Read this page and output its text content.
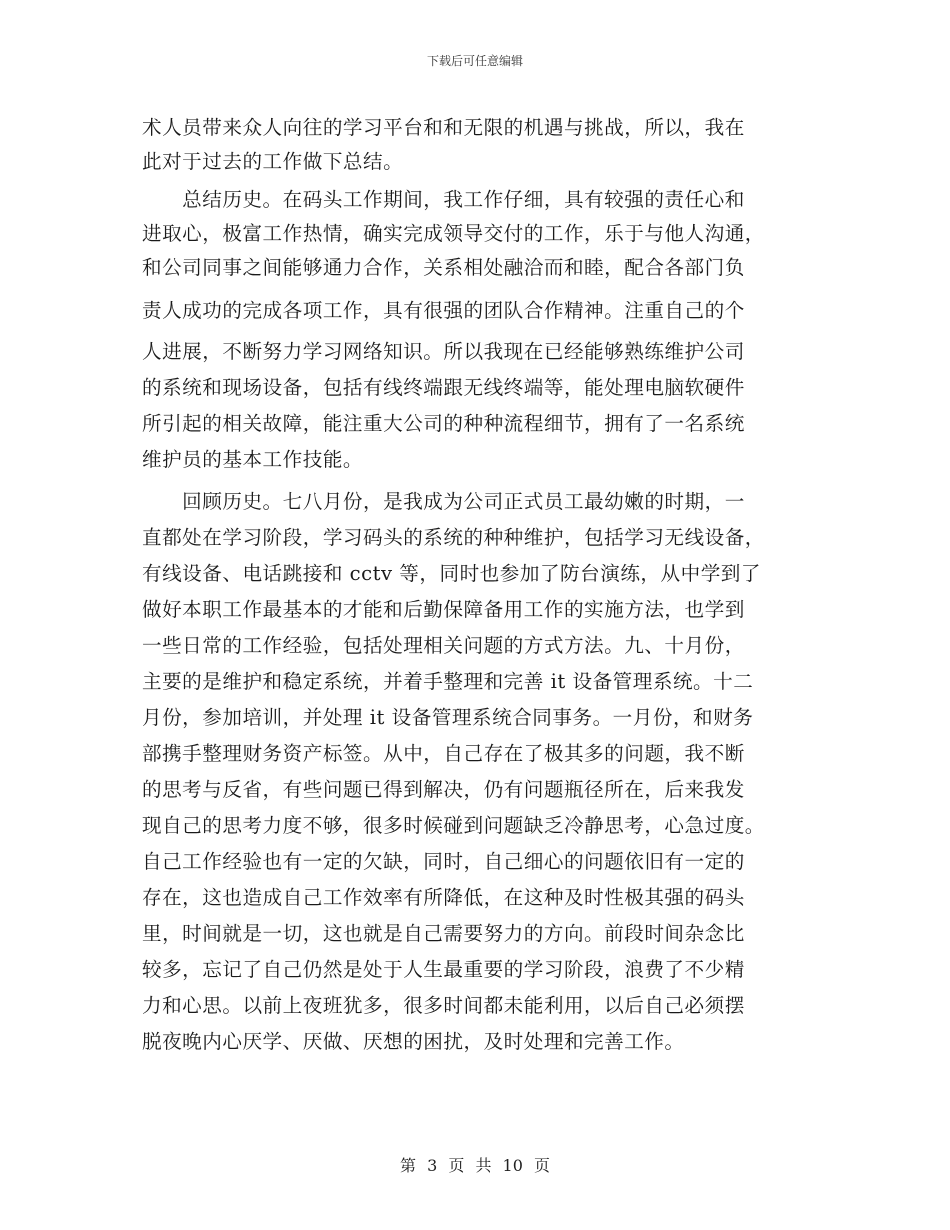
下载后可任意编辑
术人员带来众人向往的学习平台和和无限的机遇与挑战，所以，我在
此对于过去的工作做下总结。
　　总结历史。在码头工作期间，我工作仔细，具有较强的责任心和
进取心，极富工作热情，确实完成领导交付的工作，乐于与他人沟通，
和公司同事之间能够通力合作，关系相处融洽而和睦，配合各部门负
责人成功的完成各项工作，具有很强的团队合作精神。注重自己的个
人进展，不断努力学习网络知识。所以我现在已经能够熟练维护公司
的系统和现场设备，包括有线终端跟无线终端等，能处理电脑软硬件
所引起的相关故障，能注重大公司的种种流程细节，拥有了一名系统
维护员的基本工作技能。
　　回顾历史。七八月份，是我成为公司正式员工最幼嫩的时期，一
直都处在学习阶段，学习码头的系统的种种维护，包括学习无线设备，
有线设备、电话跳接和 cctv 等，同时也参加了防台演练，从中学到了
做好本职工作最基本的才能和后勤保障备用工作的实施方法，也学到
一些日常的工作经验，包括处理相关问题的方式方法。九、十月份，
主要的是维护和稳定系统，并着手整理和完善 it 设备管理系统。十二
月份，参加培训，并处理 it 设备管理系统合同事务。一月份，和财务
部携手整理财务资产标签。从中，自己存在了极其多的问题，我不断
的思考与反省，有些问题已得到解决，仍有问题瓶径所在，后来我发
现自己的思考力度不够，很多时候碰到问题缺乏冷静思考，心急过度。
自己工作经验也有一定的欠缺，同时，自己细心的问题依旧有一定的
存在，这也造成自己工作效率有所降低，在这种及时性极其强的码头
里，时间就是一切，这也就是自己需要努力的方向。前段时间杂念比
较多，忘记了自己仍然是处于人生最重要的学习阶段，浪费了不少精
力和心思。以前上夜班犹多，很多时间都未能利用，以后自己必须摆
脱夜晚内心厌学、厌做、厌想的困扰，及时处理和完善工作。
第 3 页 共 10 页
